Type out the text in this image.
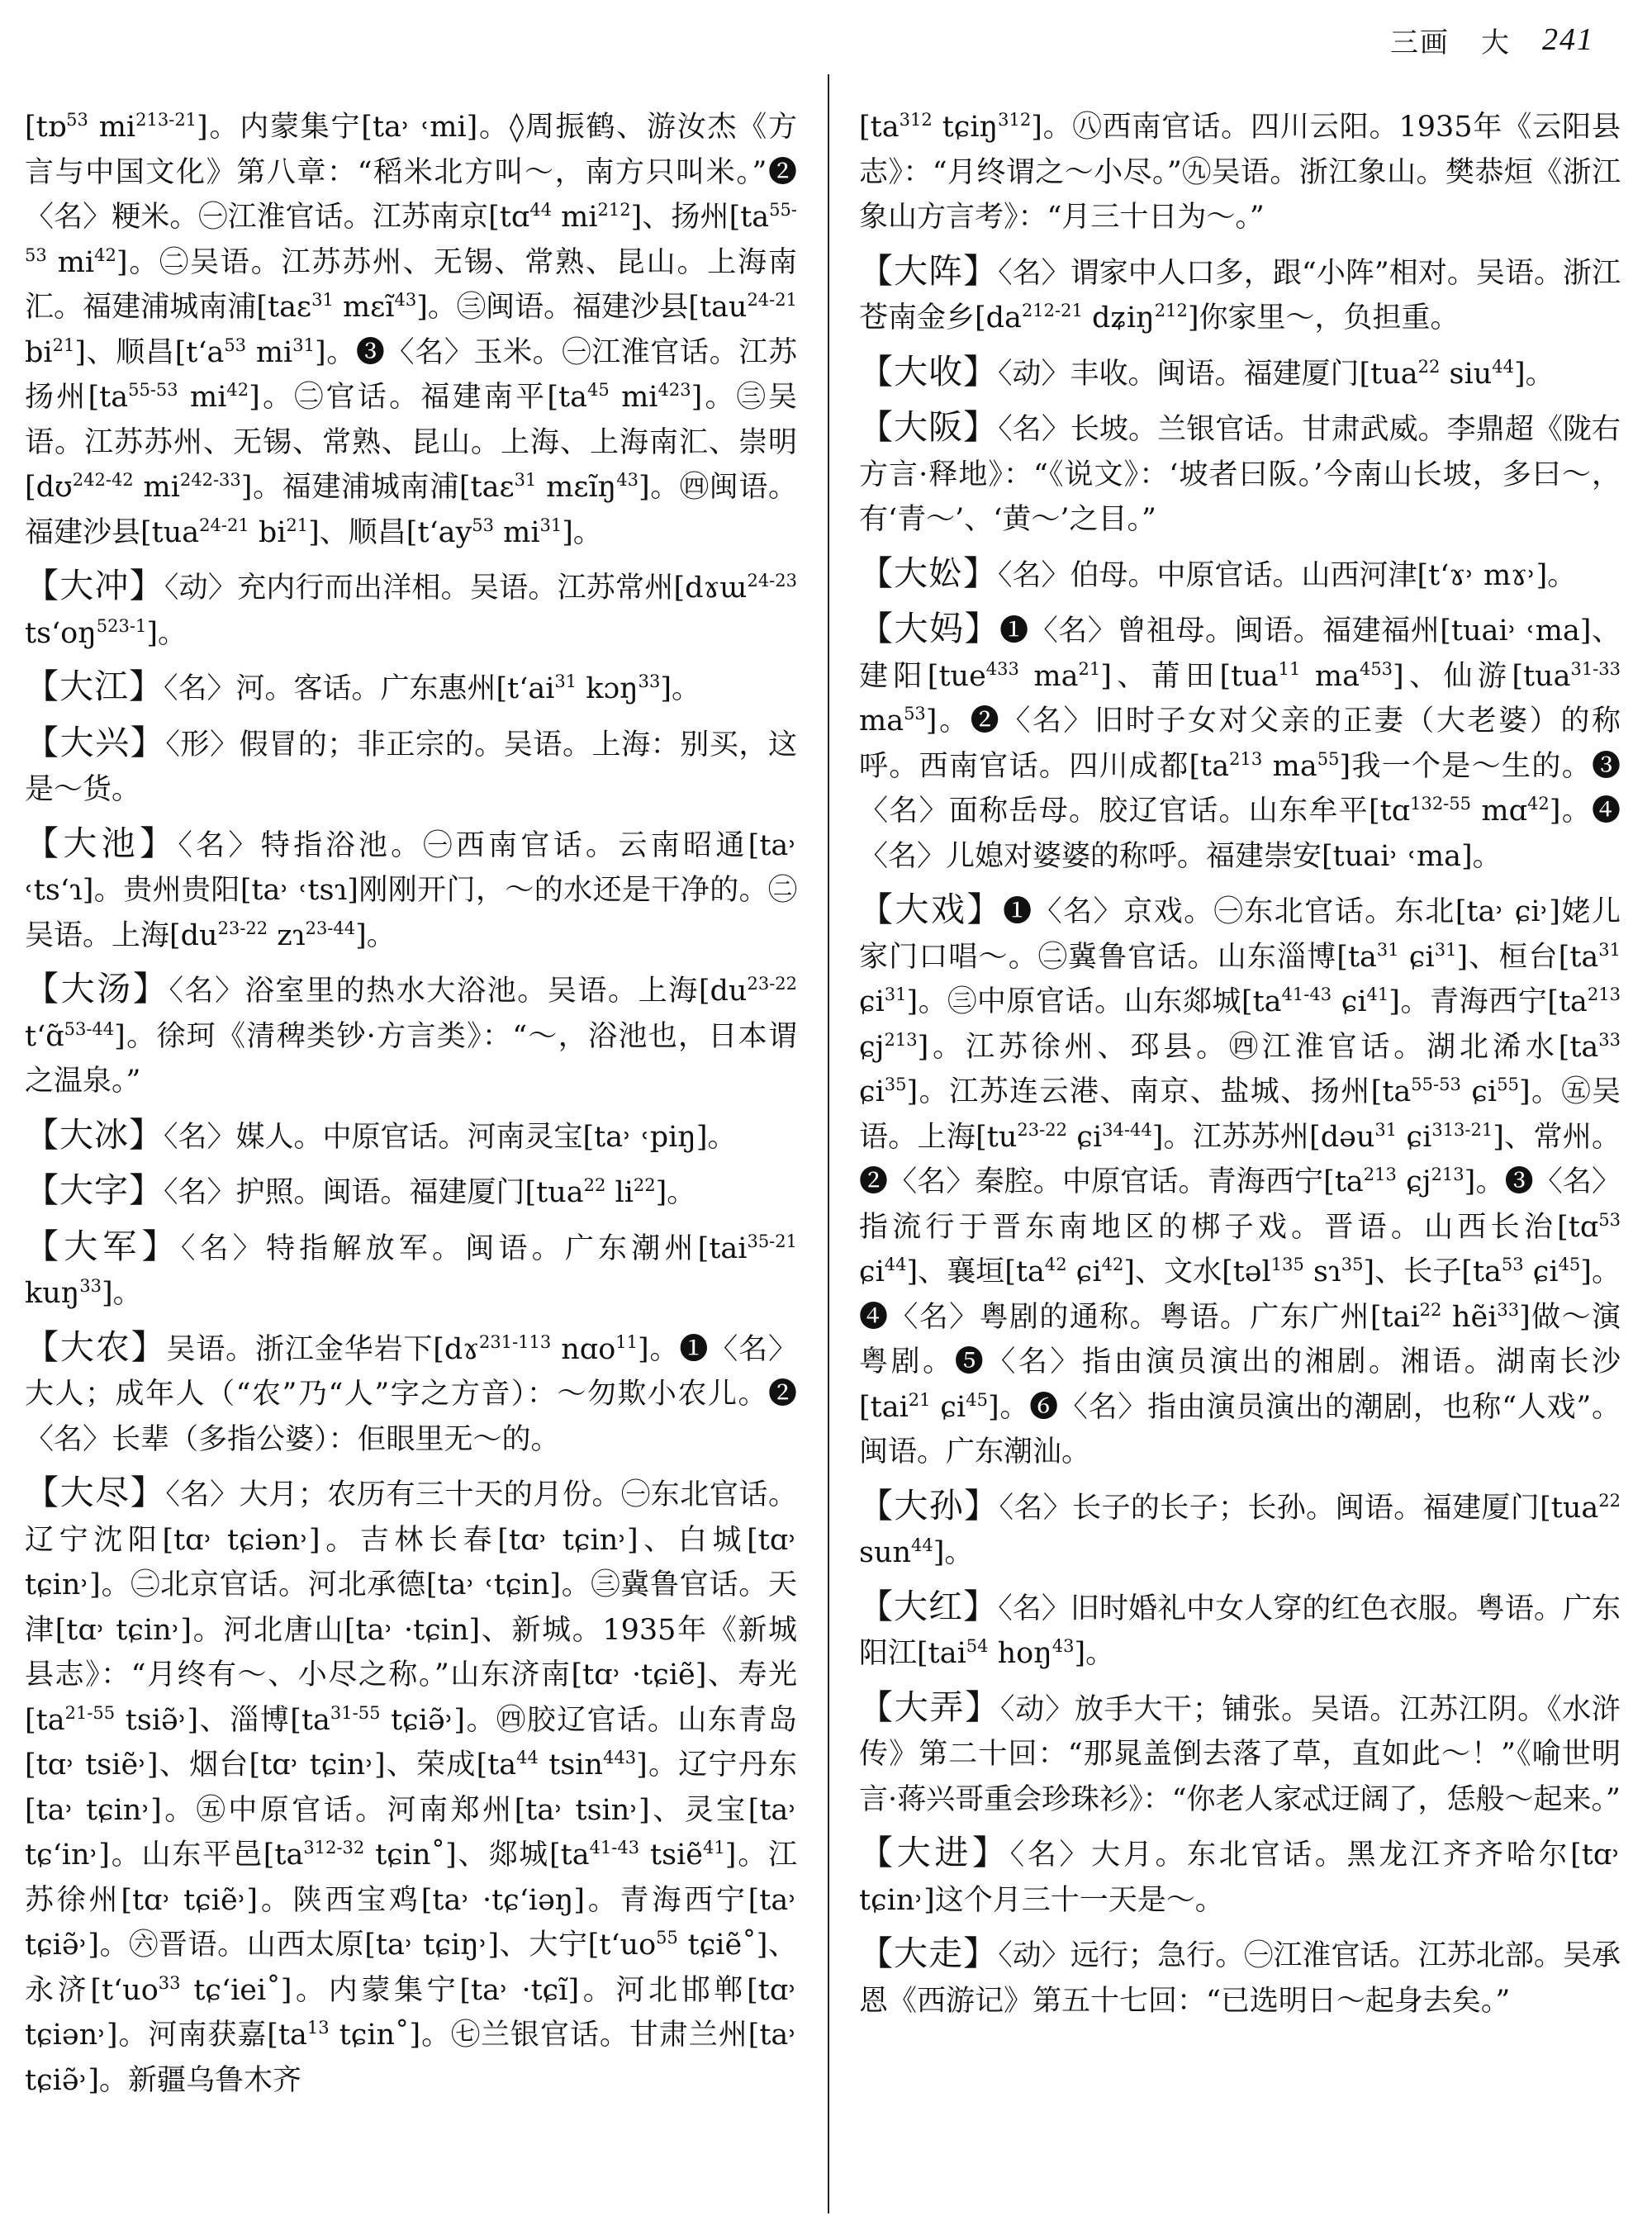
三画 大 241

[tɒ$^{53}$ $mi^{213-21}$]。内蒙集宁[ta˒ ˓mi]。◊周振鹤、游汝杰《方言与中国文化》第八章：“稻米北方叫～，南方只叫米。”❷〈名〉粳米。㊀江淮官话。江苏南京[tɑ$^{44}$ $mi^{212}$]、扬州[$ta^{55-53}$ $mi^{42}$]。㊁吴语。江苏苏州、无锡、常熟、昆山。上海南汇。福建浦城南浦[taɛ$^{31}$ mɛĩ$^{43}$]。㊂闽语。福建沙县[tau$^{24-21}$ $bi^{21}$]、顺昌[tʻa$^{53}$ $mi^{31}$]。❸〈名〉玉米。㊀江淮官话。江苏扬州[$ta^{55-53}$ $mi^{42}$]。㊁官话。福建南平[$ta^{45}$ $mi^{423}$]。㊂吴语。江苏苏州、无锡、常熟、昆山。上海、上海南汇、崇明[dʊ$^{242-42}$ $mi^{242-33}$]。福建浦城南浦[taɛ$^{31}$ mɛĩŋ$^{43}$]。㊃闽语。福建沙县[tua$^{24-21}$ $bi^{21}$]、顺昌[tʻay$^{53}$ $mi^{31}$]。

【大冲】〈动〉充内行而出洋相。吴语。江苏常州[dɤɯ$^{24-23}$ tsʻoŋ$^{523-1}$]。

【大江】〈名〉河。客话。广东惠州[tʻai$^{31}$ kɔŋ$^{33}$]。

【大兴】〈形〉假冒的；非正宗的。吴语。上海：别买，这是～货。

【大池】〈名〉特指浴池。㊀西南官话。云南昭通[ta˒ ˓tsʻɿ]。贵州贵阳[ta˒ ˓tsɿ]刚刚开门，～的水还是干净的。㊁吴语。上海[$du^{23-22}$ zɿ$^{23-44}$]。

【大汤】〈名〉浴室里的热水大浴池。吴语。上海[$du^{23-22}$ tʻɑ̃$^{53-44}$]。徐珂《清稗类钞·方言类》：“～，浴池也，日本谓之温泉。”

【大冰】〈名〉媒人。中原官话。河南灵宝[ta˒ ˓piŋ]。

【大字】〈名〉护照。闽语。福建厦门[tua$^{22}$ $li^{22}$]。

【大军】〈名〉特指解放军。闽语。广东潮州[tai$^{35-21}$ kuŋ$^{33}$]。

【大农】吴语。浙江金华岩下[dɤ$^{231-113}$ nɑo$^{11}$]。❶〈名〉大人；成年人（“农”乃“人”字之方音）：～勿欺小农儿。❷〈名〉长辈（多指公婆）：佢眼里无～的。

【大尽】〈名〉大月；农历有三十天的月份。㊀东北官话。辽宁沈阳[tɑ˒ tɕiən˒]。吉林长春[tɑ˒ tɕin˒]、白城[tɑ˒ tɕin˒]。㊁北京官话。河北承德[ta˒ ˓tɕin]。㊂冀鲁官话。天津[tɑ˒ tɕin˒]。河北唐山[ta˒ ·tɕin]、新城。1935年《新城县志》：“月终有～、小尽之称。”山东济南[tɑ˒ ·tɕiẽ]、寿光[$ta^{21-55}$ tsiə̃˒]、淄博[$ta^{31-55}$ tɕiə̃˒]。㊃胶辽官话。山东青岛[tɑ˒ tsiẽ˒]、烟台[tɑ˒ tɕin˒]、荣成[$ta^{44}$ tsin$^{443}$]。辽宁丹东[ta˒ tɕin˒]。㊄中原官话。河南郑州[ta˒ tsin˒]、灵宝[ta˒ tɕʻin˒]。山东平邑[$ta^{312-32}$ tɕin˚]、郯城[$ta^{41-43}$ tsiẽ$^{41}$]。江苏徐州[tɑ˒ tɕiẽ˒]。陕西宝鸡[ta˒ ·tɕʻiəŋ]。青海西宁[ta˒ tɕiə̃˒]。㊅晋语。山西太原[ta˒ tɕiŋ˒]、大宁[tʻuo$^{55}$ tɕiẽ˚]、永济[tʻuo$^{33}$ tɕʻiei˚]。内蒙集宁[ta˒ ·tɕĩ]。河北邯郸[tɑ˒ tɕiən˒]。河南获嘉[$ta^{13}$ tɕin˚]。㊆兰银官话。甘肃兰州[ta˒ tɕiə̃˒]。新疆乌鲁木齐

[$ta^{312}$ tɕiŋ$^{312}$]。㊇西南官话。四川云阳。1935年《云阳县志》：“月终谓之～小尽。”㊈吴语。浙江象山。樊恭烜《浙江象山方言考》：“月三十日为～。”

【大阵】〈名〉谓家中人口多，跟“小阵”相对。吴语。浙江苍南金乡[$da^{212-21}$ dʑiŋ$^{212}$]你家里～，负担重。

【大收】〈动〉丰收。闽语。福建厦门[tua$^{22}$ siu$^{44}$]。

【大阪】〈名〉长坡。兰银官话。甘肃武威。李鼎超《陇右方言·释地》：“《说文》：‘坡者曰阪。’今南山长坡，多曰～，有‘青～’、‘黄～’之目。”

【大妐】〈名〉伯母。中原官话。山西河津[tʻɤ˒ mɤ˒]。

【大妈】❶〈名〉曾祖母。闽语。福建福州[tuai˒ ˓ma]、建阳[tue$^{433}$ $ma^{21}$]、莆田[tua$^{11}$ $ma^{453}$]、仙游[tua$^{31-33}$ $ma^{53}$]。❷〈名〉旧时子女对父亲的正妻（大老婆）的称呼。西南官话。四川成都[$ta^{213}$ $ma^{55}$]我一个是～生的。❸〈名〉面称岳母。胶辽官话。山东牟平[tɑ$^{132-55}$ mɑ$^{42}$]。❹〈名〉儿媳对婆婆的称呼。福建崇安[tuai˒ ˓ma]。

【大戏】❶〈名〉京戏。㊀东北官话。东北[ta˒ ɕi˒]姥儿家门口唱～。㊁冀鲁官话。山东淄博[$ta^{31}$ ɕi$^{31}$]、桓台[$ta^{31}$ ɕi$^{31}$]。㊂中原官话。山东郯城[$ta^{41-43}$ ɕi$^{41}$]。青海西宁[$ta^{213}$ ɕj$^{213}$]。江苏徐州、邳县。㊃江淮官话。湖北浠水[$ta^{33}$ ɕi$^{35}$]。江苏连云港、南京、盐城、扬州[$ta^{55-53}$ ɕi$^{55}$]。㊄吴语。上海[$tu^{23-22}$ ɕi$^{34-44}$]。江苏苏州[dəu$^{31}$ ɕi$^{313-21}$]、常州。❷〈名〉秦腔。中原官话。青海西宁[$ta^{213}$ ɕj$^{213}$]。❸〈名〉指流行于晋东南地区的梆子戏。晋语。山西长治[tɑ$^{53}$ ɕi$^{44}$]、襄垣[$ta^{42}$ ɕi$^{42}$]、文水[təl$^{135}$ sɿ$^{35}$]、长子[$ta^{53}$ ɕi$^{45}$]。❹〈名〉粤剧的通称。粤语。广东广州[tai$^{22}$ hẽi$^{33}$]做～演粤剧。❺〈名〉指由演员演出的湘剧。湘语。湖南长沙[tai$^{21}$ ɕi$^{45}$]。❻〈名〉指由演员演出的潮剧，也称“人戏”。闽语。广东潮汕。

【大孙】〈名〉长子的长子；长孙。闽语。福建厦门[tua$^{22}$ sun$^{44}$]。

【大红】〈名〉旧时婚礼中女人穿的红色衣服。粤语。广东阳江[tai$^{54}$ hoŋ$^{43}$]。

【大弄】〈动〉放手大干；铺张。吴语。江苏江阴。《水浒传》第二十回：“那晁盖倒去落了草，直如此～！”《喻世明言·蒋兴哥重会珍珠衫》：“你老人家忒迂阔了，恁般～起来。”

【大进】〈名〉大月。东北官话。黑龙江齐齐哈尔[tɑ˒ tɕin˒]这个月三十一天是～。

【大走】〈动〉远行；急行。㊀江淮官话。江苏北部。吴承恩《西游记》第五十七回：“已选明日～起身去矣。”
